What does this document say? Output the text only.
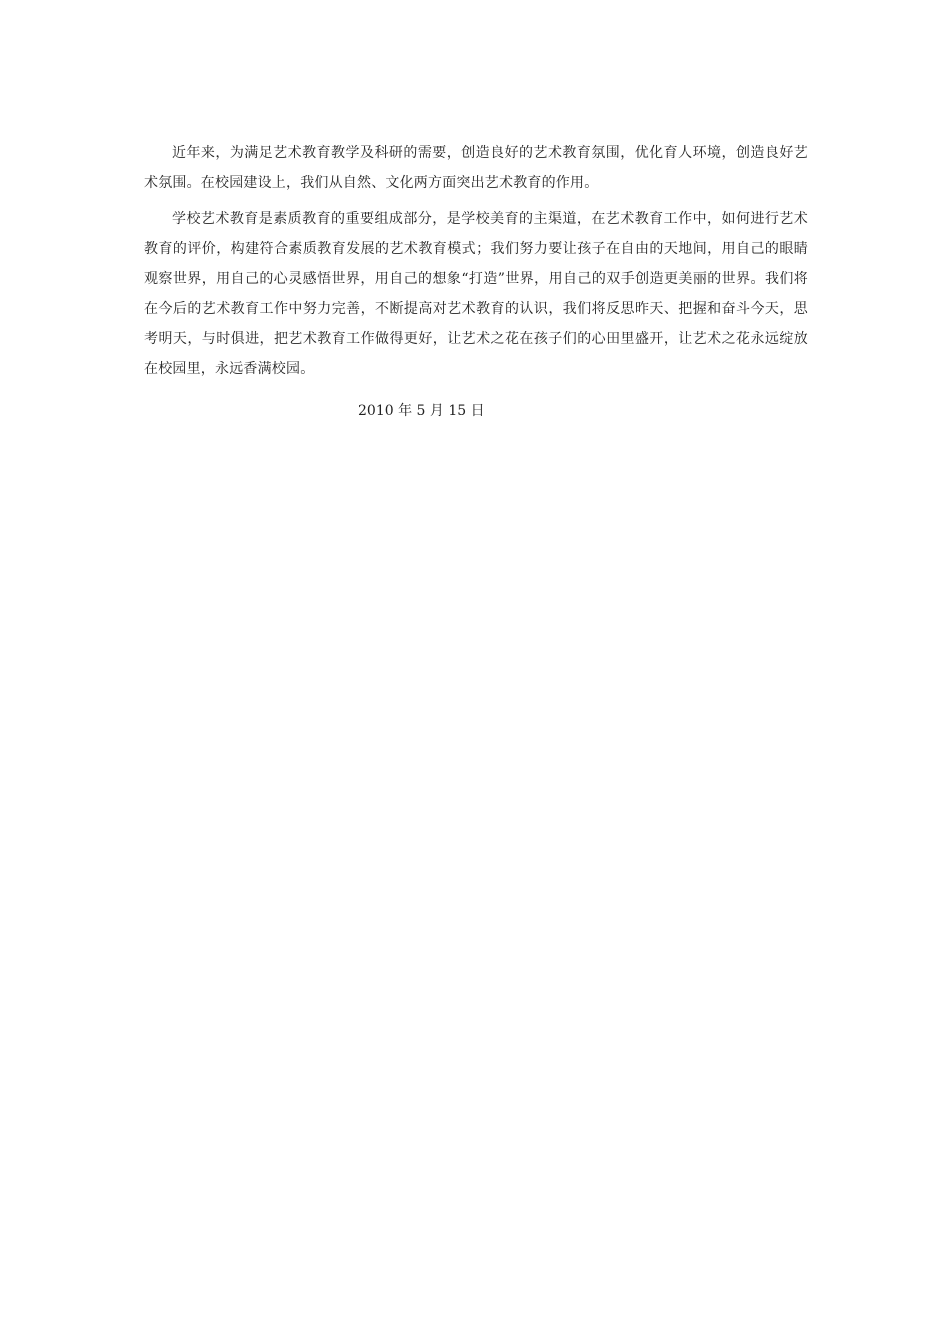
近年来，为满足艺术教育教学及科研的需要，创造良好的艺术教育氛围，优化育人环境，创造良好艺术氛围。在校园建设上，我们从自然、文化两方面突出艺术教育的作用。

学校艺术教育是素质教育的重要组成部分，是学校美育的主渠道，在艺术教育工作中，如何进行艺术教育的评价，构建符合素质教育发展的艺术教育模式；我们努力要让孩子在自由的天地间，用自己的眼睛观察世界，用自己的心灵感悟世界，用自己的想象“打造”世界，用自己的双手创造更美丽的世界。我们将在今后的艺术教育工作中努力完善，不断提高对艺术教育的认识，我们将反思昨天、把握和奋斗今天，思考明天，与时俱进，把艺术教育工作做得更好，让艺术之花在孩子们的心田里盛开，让艺术之花永远绽放在校园里，永远香满校园。

2010 年 5 月 15 日
